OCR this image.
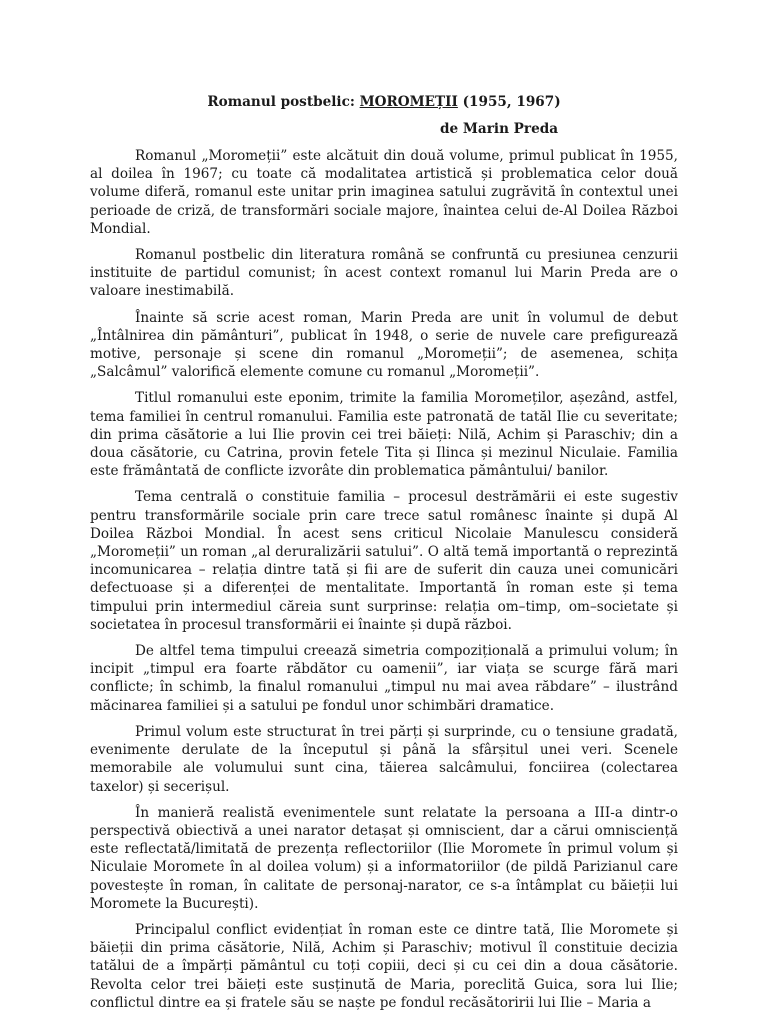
Romanul postbelic: MOROMEȚII (1955, 1967)
de Marin Preda

Romanul „Moromeții” este alcătuit din două volume, primul publicat în 1955, al doilea în 1967; cu toate că modalitatea artistică și problematica celor două volume diferă, romanul este unitar prin imaginea satului zugrăvită în contextul unei perioade de criză, de transformări sociale majore, înaintea celui de-Al Doilea Război Mondial.

Romanul postbelic din literatura română se confruntă cu presiunea cenzurii instituite de partidul comunist; în acest context romanul lui Marin Preda are o valoare inestimabilă.

Înainte să scrie acest roman, Marin Preda are unit în volumul de debut „Întâlnirea din pământuri”, publicat în 1948, o serie de nuvele care prefigurează motive, personaje și scene din romanul „Moromeții”; de asemenea, schița „Salcâmul” valorifică elemente comune cu romanul „Moromeții”.

Titlul romanului este eponim, trimite la familia Moromeților, așezând, astfel, tema familiei în centrul romanului. Familia este patronată de tatăl Ilie cu severitate; din prima căsătorie a lui Ilie provin cei trei băieți: Nilă, Achim și Paraschiv; din a doua căsătorie, cu Catrina, provin fetele Tita și Ilinca și mezinul Niculaie. Familia este frământată de conflicte izvorâte din problematica pământului/ banilor.

Tema centrală o constituie familia – procesul destrămării ei este sugestiv pentru transformările sociale prin care trece satul românesc înainte și după Al Doilea Război Mondial. În acest sens criticul Nicolaie Manulescu consideră „Moromeții” un roman „al deruralizării satului”. O altă temă importantă o reprezintă incomunicarea – relația dintre tată și fii are de suferit din cauza unei comunicări defectuoase și a diferenței de mentalitate. Importantă în roman este și tema timpului prin intermediul căreia sunt surprinse: relația om–timp, om–societate și societatea în procesul transformării ei înainte și după război.

De altfel tema timpului creează simetria compozițională a primului volum; în incipit „timpul era foarte răbdător cu oamenii”, iar viața se scurge fără mari conflicte; în schimb, la finalul romanului „timpul nu mai avea răbdare” – ilustrând măcinarea familiei și a satului pe fondul unor schimbări dramatice.

Primul volum este structurat în trei părți și surprinde, cu o tensiune gradată, evenimente derulate de la începutul și până la sfârșitul unei veri. Scenele memorabile ale volumului sunt cina, tăierea salcâmului, fonciirea (colectarea taxelor) și secerișul.

În manieră realistă evenimentele sunt relatate la persoana a III-a dintr-o perspectivă obiectivă a unei narator detașat și omniscient, dar a cărui omnisciență este reflectată/limitată de prezența reflectoriilor (Ilie Moromete în primul volum și Niculaie Moromete în al doilea volum) și a informatoriilor (de pildă Parizianul care povestește în roman, în calitate de personaj-narator, ce s-a întâmplat cu băieții lui Moromete la București).

Principalul conflict evidențiat în roman este ce dintre tată, Ilie Moromete și băieții din prima căsătorie, Nilă, Achim și Paraschiv; motivul îl constituie decizia tatălui de a împărți pământul cu toți copiii, deci și cu cei din a doua căsătorie. Revolta celor trei băieți este susținută de Maria, poreclită Guica, sora lui Ilie; conflictul dintre ea și fratele său se naște pe fondul recăsătoririi lui Ilie – Maria a
